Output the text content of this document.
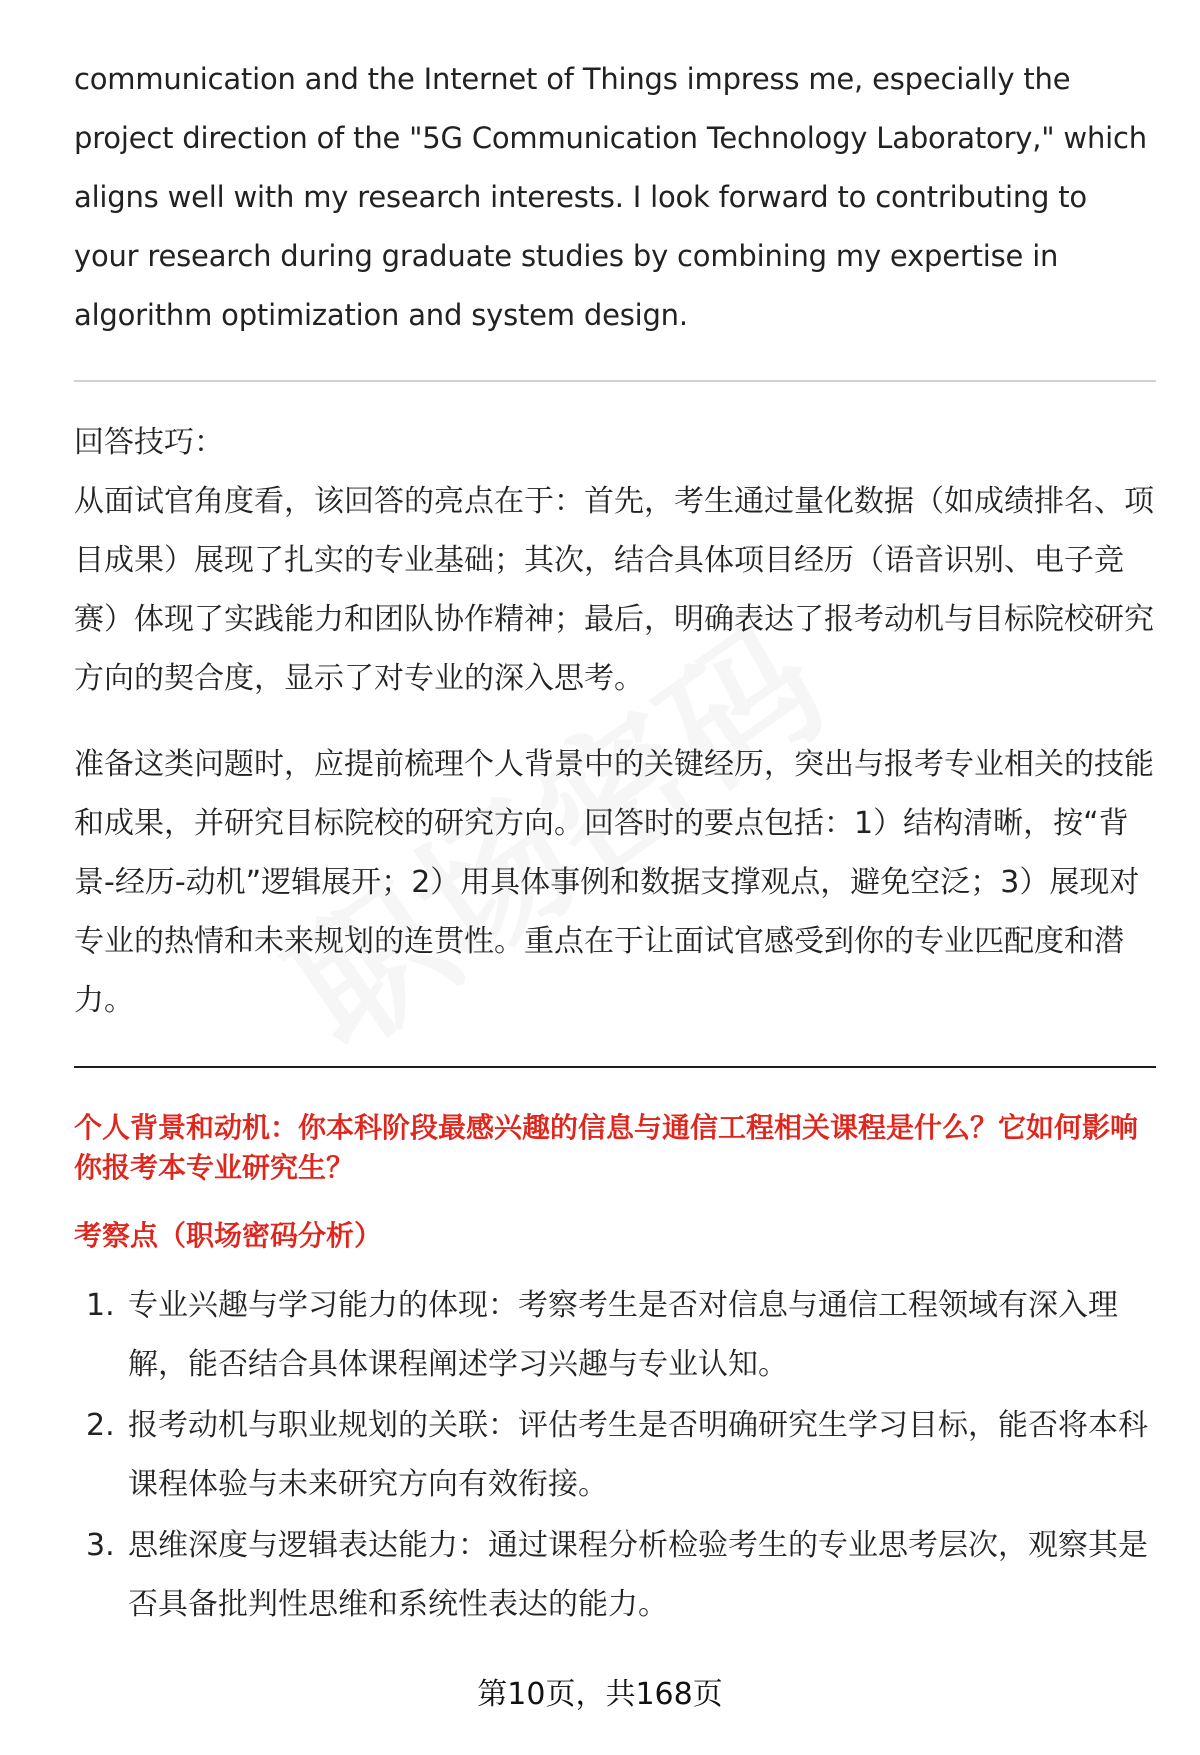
communication and the Internet of Things impress me, especially the project direction of the "5G Communication Technology Laboratory," which aligns well with my research interests. I look forward to contributing to your research during graduate studies by combining my expertise in algorithm optimization and system design.

回答技巧：

从面试官角度看，该回答的亮点在于：首先，考生通过量化数据（如成绩排名、项目成果）展现了扎实的专业基础；其次，结合具体项目经历（语音识别、电子竞赛）体现了实践能力和团队协作精神；最后，明确表达了报考动机与目标院校研究方向的契合度，显示了对专业的深入思考。

准备这类问题时，应提前梳理个人背景中的关键经历，突出与报考专业相关的技能和成果，并研究目标院校的研究方向。回答时的要点包括：1）结构清晰，按“背景-经历-动机”逻辑展开；2）用具体事例和数据支撑观点，避免空泛；3）展现对专业的热情和未来规划的连贯性。重点在于让面试官感受到你的专业匹配度和潜力。

个人背景和动机：你本科阶段最感兴趣的信息与通信工程相关课程是什么？它如何影响你报考本专业研究生？

考察点（职场密码分析）

1. 专业兴趣与学习能力的体现：考察考生是否对信息与通信工程领域有深入理解，能否结合具体课程阐述学习兴趣与专业认知。
2. 报考动机与职业规划的关联：评估考生是否明确研究生学习目标，能否将本科课程体验与未来研究方向有效衔接。
3. 思维深度与逻辑表达能力：通过课程分析检验考生的专业思考层次，观察其是否具备批判性思维和系统性表达的能力。
第10页，共168页
